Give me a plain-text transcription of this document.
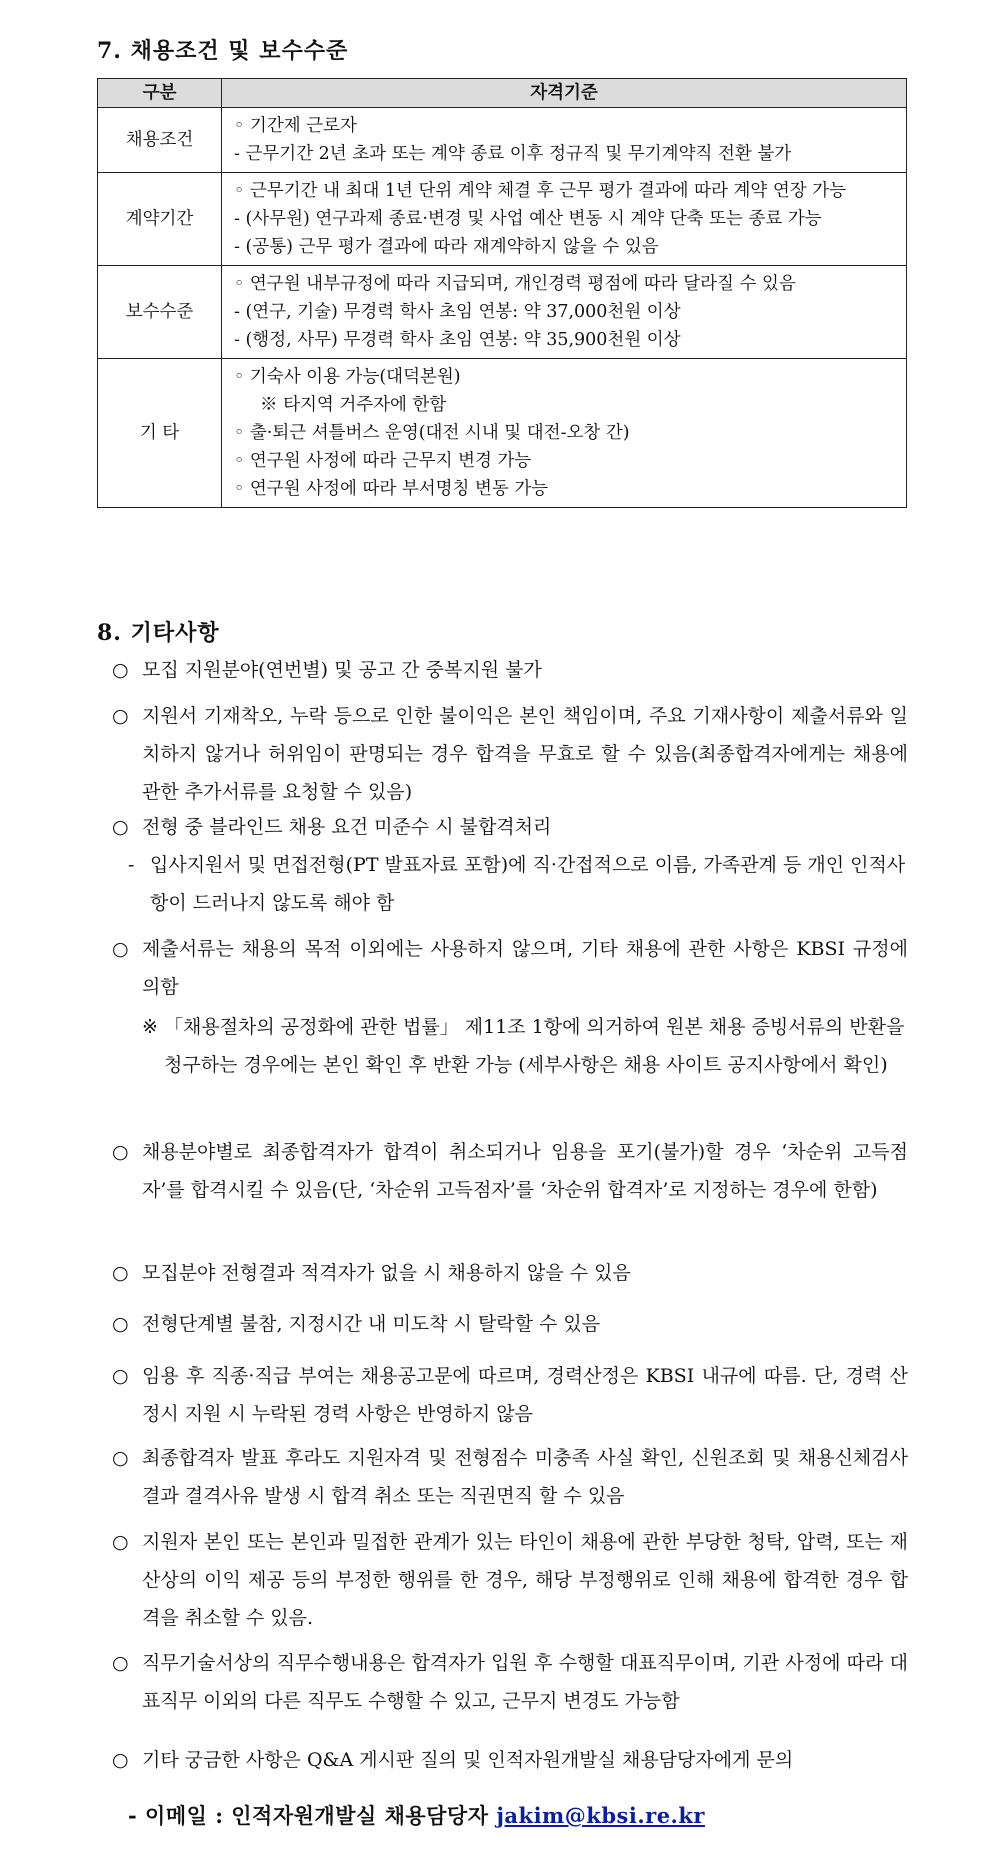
7. 채용조건 및 보수수준
구분	자격기준
채용조건	◦ 기간제 근로자
- 근무기간 2년 초과 또는 계약 종료 이후 정규직 및 무기계약직 전환 불가

계약기간	◦ 근무기간 내 최대 1년 단위 계약 체결 후 근무 평가 결과에 따라 계약 연장 가능
- (사무원) 연구과제 종료·변경 및 사업 예산 변동 시 계약 단축 또는 종료 가능
- (공통) 근무 평가 결과에 따라 재계약하지 않을 수 있음

보수수준	◦ 연구원 내부규정에 따라 지급되며, 개인경력 평점에 따라 달라질 수 있음
- (연구, 기술) 무경력 학사 초임 연봉: 약 37,000천원 이상
- (행정, 사무) 무경력 학사 초임 연봉: 약 35,900천원 이상

기 타	◦ 기숙사 이용 가능(대덕본원)
※ 타지역 거주자에 한함
◦ 출·퇴근 셔틀버스 운영(대전 시내 및 대전-오창 간)
◦ 연구원 사정에 따라 근무지 변경 가능
◦ 연구원 사정에 따라 부서명칭 변동 가능
8. 기타사항
○ 모집 지원분야(연번별) 및 공고 간 중복지원 불가
○ 지원서 기재착오, 누락 등으로 인한 불이익은 본인 책임이며, 주요 기재사항이 제출서류와 일치하지 않거나 허위임이 판명되는 경우 합격을 무효로 할 수 있음(최종합격자에게는 채용에 관한 추가서류를 요청할 수 있음)
○ 전형 중 블라인드 채용 요건 미준수 시 불합격처리
- 입사지원서 및 면접전형(PT 발표자료 포함)에 직·간접적으로 이름, 가족관계 등 개인 인적사항이 드러나지 않도록 해야 함
○ 제출서류는 채용의 목적 이외에는 사용하지 않으며, 기타 채용에 관한 사항은 KBSI 규정에 의함
※ 「채용절차의 공정화에 관한 법률」 제11조 1항에 의거하여 원본 채용 증빙서류의 반환을 청구하는 경우에는 본인 확인 후 반환 가능 (세부사항은 채용 사이트 공지사항에서 확인)
○ 채용분야별로 최종합격자가 합격이 취소되거나 임용을 포기(불가)할 경우 ‘차순위 고득점자’를 합격시킬 수 있음(단, ‘차순위 고득점자’를 ‘차순위 합격자’로 지정하는 경우에 한함)
○ 모집분야 전형결과 적격자가 없을 시 채용하지 않을 수 있음
○ 전형단계별 불참, 지정시간 내 미도착 시 탈락할 수 있음
○ 임용 후 직종·직급 부여는 채용공고문에 따르며, 경력산정은 KBSI 내규에 따름. 단, 경력 산정시 지원 시 누락된 경력 사항은 반영하지 않음
○ 최종합격자 발표 후라도 지원자격 및 전형점수 미충족 사실 확인, 신원조회 및 채용신체검사 결과 결격사유 발생 시 합격 취소 또는 직권면직 할 수 있음
○ 지원자 본인 또는 본인과 밀접한 관계가 있는 타인이 채용에 관한 부당한 청탁, 압력, 또는 재산상의 이익 제공 등의 부정한 행위를 한 경우, 해당 부정행위로 인해 채용에 합격한 경우 합격을 취소할 수 있음.
○ 직무기술서상의 직무수행내용은 합격자가 입원 후 수행할 대표직무이며, 기관 사정에 따라 대표직무 이외의 다른 직무도 수행할 수 있고, 근무지 변경도 가능함
○ 기타 궁금한 사항은 Q&A 게시판 질의 및 인적자원개발실 채용담당자에게 문의
- 이메일 : 인적자원개발실 채용담당자 jakim@kbsi.re.kr
